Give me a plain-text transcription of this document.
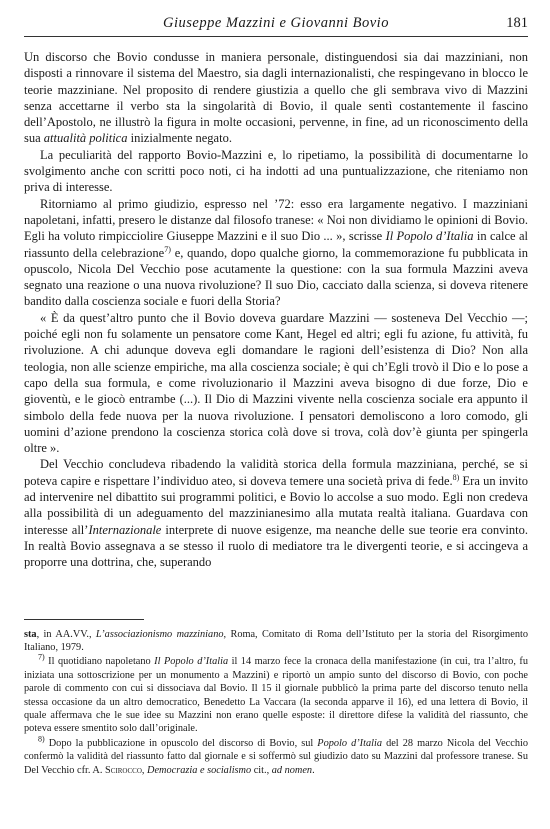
Giuseppe Mazzini e Giovanni Bovio	181

Un discorso che Bovio condusse in maniera personale, distinguendosi sia dai mazziniani, non disposti a rinnovare il sistema del Maestro, sia dagli internazionalisti, che respingevano in blocco le teorie mazziniane. Nel proposito di rendere giustizia a quello che gli sembrava vivo di Mazzini senza accettarne il verbo sta la singolarità di Bovio, il quale sentì costantemente il fascino dell’Apostolo, ne illustrò la figura in molte occasioni, pervenne, in fine, ad un riconoscimento della sua attualità politica inizialmente negato.

La peculiarità del rapporto Bovio-Mazzini e, lo ripetiamo, la possibilità di documentarne lo svolgimento anche con scritti poco noti, ci ha indotti ad una puntualizzazione, che riteniamo non priva di interesse.

Ritorniamo al primo giudizio, espresso nel ’72: esso era largamente negativo. I mazziniani napoletani, infatti, presero le distanze dal filosofo tranese: « Noi non dividiamo le opinioni di Bovio. Egli ha voluto rimpicciolire Giuseppe Mazzini e il suo Dio ... », scrisse Il Popolo d’Italia in calce al riassunto della celebrazione$^{7)}$ e, quando, dopo qualche giorno, la commemorazione fu pubblicata in opuscolo, Nicola Del Vecchio pose acutamente la questione: con la sua formula Mazzini aveva segnato una reazione o una nuova rivoluzione? Il suo Dio, cacciato dalla scienza, si doveva ritenere bandito dalla coscienza sociale e fuori della Storia?

« È da quest’altro punto che il Bovio doveva guardare Mazzini — sosteneva Del Vecchio —; poiché egli non fu solamente un pensatore come Kant, Hegel ed altri; egli fu azione, fu attività, fu rivoluzione. A chi adunque doveva egli domandare le ragioni dell’esistenza di Dio? Non alla teologia, non alle scienze empiriche, ma alla coscienza sociale; è qui ch’Egli trovò il Dio e lo pose a capo della sua formula, e come rivoluzionario il Mazzini aveva bisogno di due forze, Dio e gioventù, e le giocò entrambe (...). Il Dio di Mazzini vivente nella coscienza sociale era appunto il simbolo della fede nuova per la nuova rivoluzione. I pensatori demoliscono a loro comodo, gli uomini d’azione prendono la coscienza storica colà dove si trova, colà dov’è giunta per spingerla oltre ».

Del Vecchio concludeva ribadendo la validità storica della formula mazziniana, perché, se si poteva capire e rispettare l’individuo ateo, si doveva temere una società priva di fede.$^{8)}$ Era un invito ad intervenire nel dibattito sui programmi politici, e Bovio lo accolse a suo modo. Egli non credeva alla possibilità di un adeguamento del mazzinianesimo alla mutata realtà italiana. Guardava con interesse all’Internazionale interprete di nuove esigenze, ma neanche delle sue teorie era convinto. In realtà Bovio assegnava a se stesso il ruolo di mediatore tra le divergenti teorie, e si accingeva a proporre una dottrina, che, superando

sta, in AA.VV., L’associazionismo mazziniano, Roma, Comitato di Roma dell’Istituto per la storia del Risorgimento Italiano, 1979.

$^{7)}$ Il quotidiano napoletano Il Popolo d’Italia il 14 marzo fece la cronaca della manifestazione (in cui, tra l’altro, fu iniziata una sottoscrizione per un monumento a Mazzini) e riportò un ampio sunto del discorso di Bovio, con poche parole di commento con cui si dissociava dal Bovio. Il 15 il giornale pubblicò la prima parte del discorso tenuto nella stessa occasione da un altro democratico, Benedetto La Vaccara (la seconda apparve il 16), ed una lettera di Bovio, il quale affermava che le sue idee su Mazzini non erano quelle esposte: il direttore difese la validità del riassunto, che poteva essere smentito solo dall’originale.

$^{8)}$ Dopo la pubblicazione in opuscolo del discorso di Bovio, sul Popolo d’Italia del 28 marzo Nicola del Vecchio confermò la validità del riassunto fatto dal giornale e si soffermò sul giudizio dato su Mazzini dal professore tranese. Su Del Vecchio cfr. A. Scirocco, Democrazia e socialismo cit., ad nomen.
